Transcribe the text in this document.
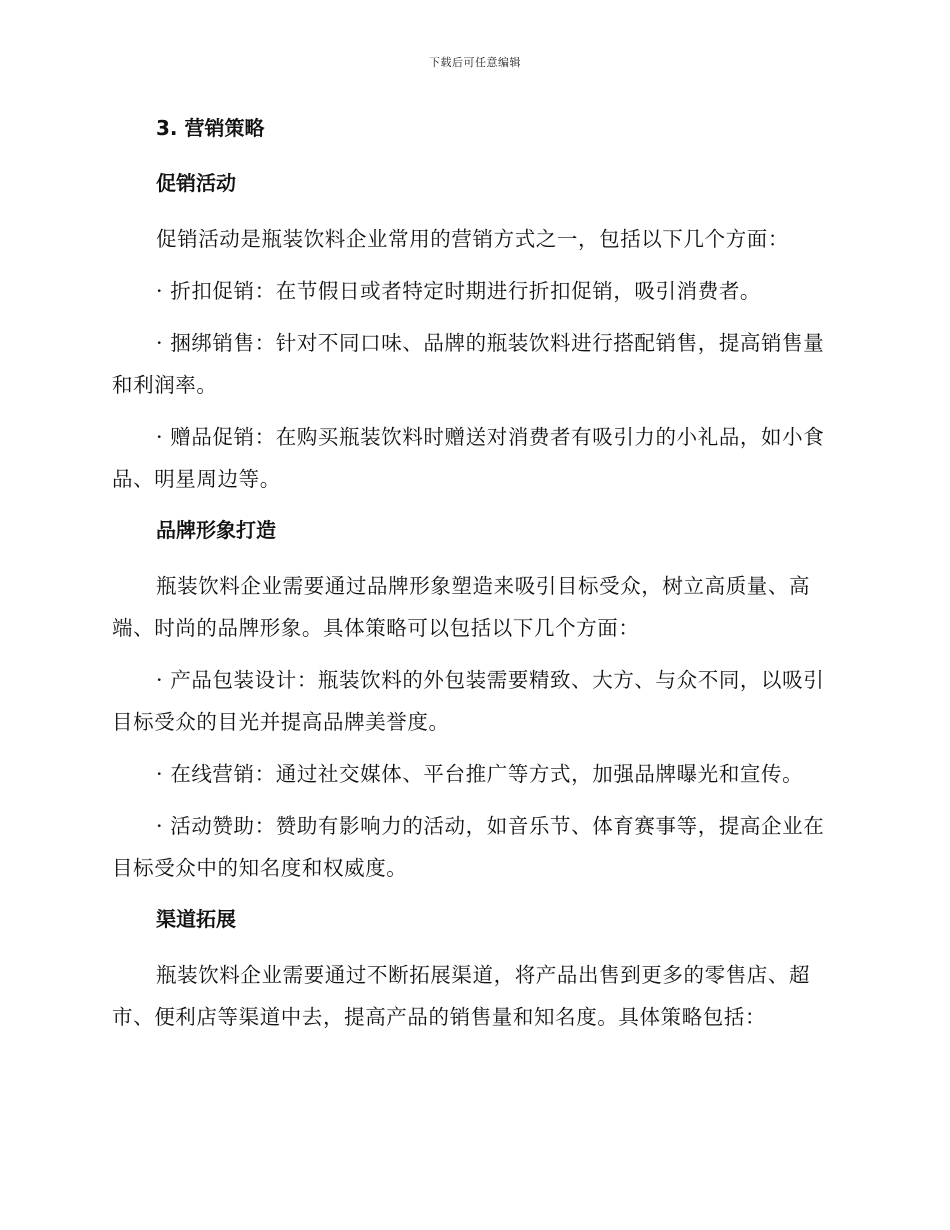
下载后可任意编辑
3. 营销策略
促销活动

促销活动是瓶装饮料企业常用的营销方式之一，包括以下几个方面：

· 折扣促销：在节假日或者特定时期进行折扣促销，吸引消费者。

· 捆绑销售：针对不同口味、品牌的瓶装饮料进行搭配销售，提高销售量和利润率。

· 赠品促销：在购买瓶装饮料时赠送对消费者有吸引力的小礼品，如小食品、明星周边等。

品牌形象打造

瓶装饮料企业需要通过品牌形象塑造来吸引目标受众，树立高质量、高端、时尚的品牌形象。具体策略可以包括以下几个方面：

· 产品包装设计：瓶装饮料的外包装需要精致、大方、与众不同，以吸引目标受众的目光并提高品牌美誉度。

· 在线营销：通过社交媒体、平台推广等方式，加强品牌曝光和宣传。

· 活动赞助：赞助有影响力的活动，如音乐节、体育赛事等，提高企业在目标受众中的知名度和权威度。

渠道拓展

瓶装饮料企业需要通过不断拓展渠道，将产品出售到更多的零售店、超市、便利店等渠道中去，提高产品的销售量和知名度。具体策略包括：
